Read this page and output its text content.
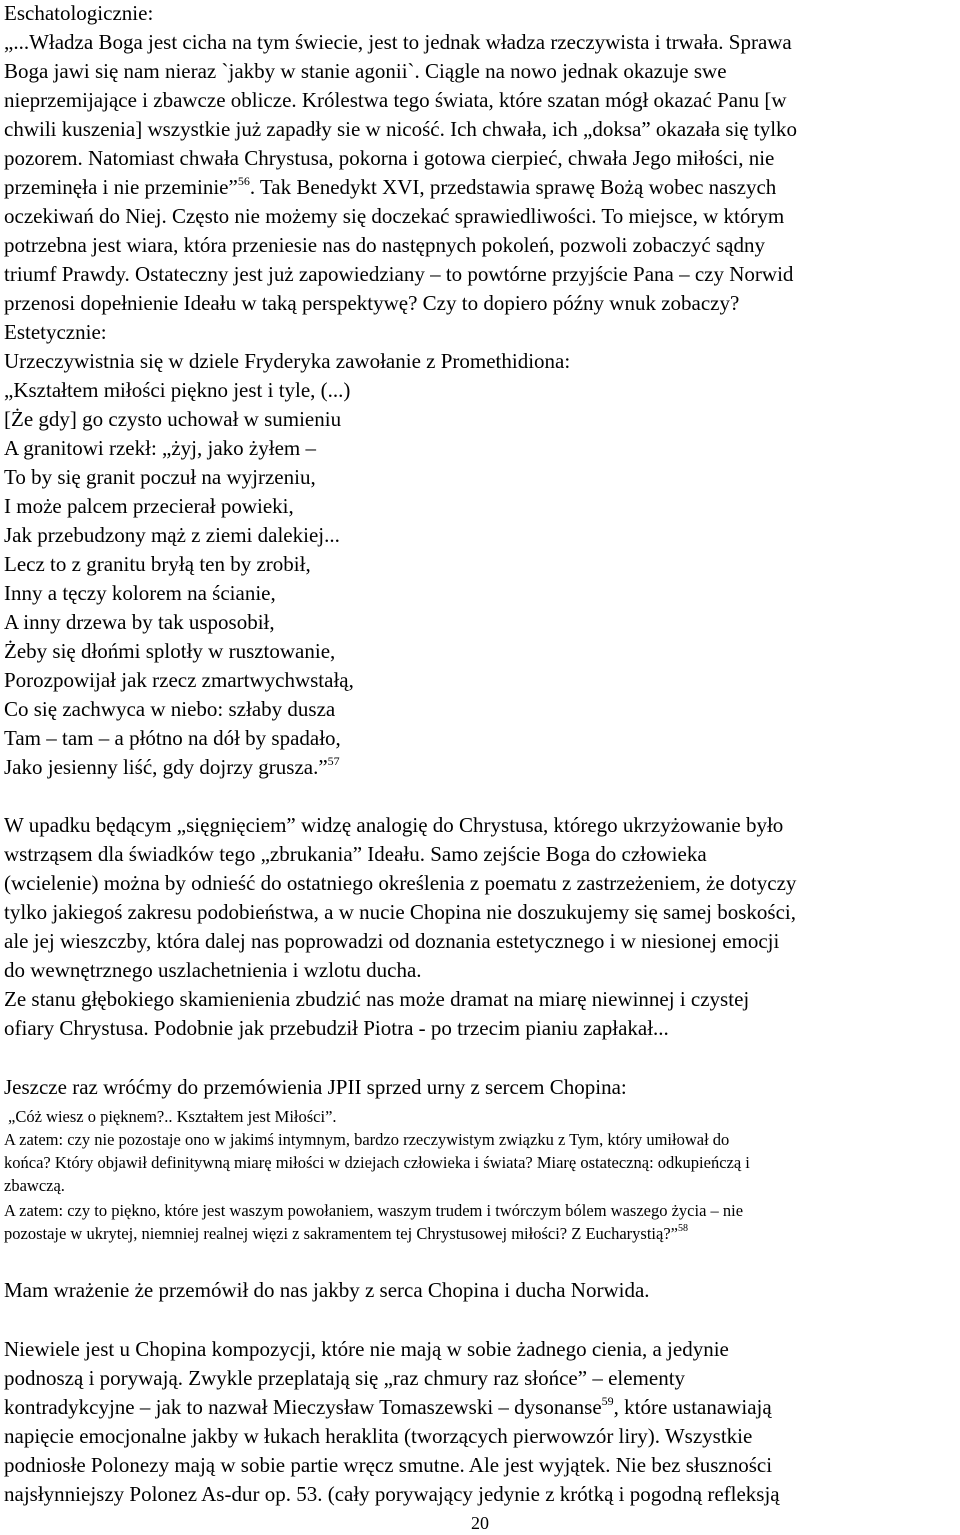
Eschatologicznie:
„...Władza Boga jest cicha na tym świecie, jest to jednak władza rzeczywista i trwała. Sprawa
Boga jawi się nam nieraz `jakby w stanie agonii`. Ciągle na nowo jednak okazuje swe
nieprzemijające i zbawcze oblicze. Królestwa tego świata, które szatan mógł okazać Panu [w
chwili kuszenia] wszystkie już zapadły sie w nicość. Ich chwała, ich „doksa” okazała się tylko
pozorem. Natomiast chwała Chrystusa, pokorna i gotowa cierpieć, chwała Jego miłości, nie
przeminęła i nie przeminie”$^{56}$. Tak Benedykt XVI, przedstawia sprawę Bożą wobec naszych
oczekiwań do Niej. Często nie możemy się doczekać sprawiedliwości. To miejsce, w którym
potrzebna jest wiara, która przeniesie nas do następnych pokoleń, pozwoli zobaczyć sądny
triumf Prawdy. Ostateczny jest już zapowiedziany – to powtórne przyjście Pana – czy Norwid
przenosi dopełnienie Ideału w taką perspektywę? Czy to dopiero późny wnuk zobaczy?
Estetycznie:
Urzeczywistnia się w dziele Fryderyka zawołanie z Promethidiona:
„Kształtem miłości piękno jest i tyle, (...)
[Że gdy] go czysto uchował w sumieniu
A granitowi rzekł: „żyj, jako żyłem –
To by się granit poczuł na wyjrzeniu,
I może palcem przecierał powieki,
Jak przebudzony mąż z ziemi dalekiej...
Lecz to z granitu bryłą ten by zrobił,
Inny a tęczy kolorem na ścianie,
A inny drzewa by tak usposobił,
Żeby się dłońmi splotły w rusztowanie,
Porozpowijał jak rzecz zmartwychwstałą,
Co się zachwyca w niebo: szłaby dusza
Tam – tam – a płótno na dół by spadało,
Jako jesienny liść, gdy dojrzy grusza.”$^{57}$
W upadku będącym „sięgnięciem” widzę analogię do Chrystusa, którego ukrzyżowanie było
wstrząsem dla świadków tego „zbrukania” Ideału. Samo zejście Boga do człowieka
(wcielenie) można by odnieść do ostatniego określenia z poematu z zastrzeżeniem, że dotyczy
tylko jakiegoś zakresu podobieństwa, a w nucie Chopina nie doszukujemy się samej boskości,
ale jej wieszczby, która dalej nas poprowadzi od doznania estetycznego i w niesionej emocji
do wewnętrznego uszlachetnienia i wzlotu ducha.
Ze stanu głębokiego skamienienia zbudzić nas może dramat na miarę niewinnej i czystej
ofiary Chrystusa. Podobnie jak przebudził Piotra - po trzecim pianiu zapłakał...
Jeszcze raz wróćmy do przemówienia JPII sprzed urny z sercem Chopina:
„Cóż wiesz o pięknem?.. Kształtem jest Miłości”.
A zatem: czy nie pozostaje ono w jakimś intymnym, bardzo rzeczywistym związku z Tym, który umiłował do
końca? Który objawił definitywną miarę miłości w dziejach człowieka i świata? Miarę ostateczną: odkupieńczą i
zbawczą.
A zatem: czy to piękno, które jest waszym powołaniem, waszym trudem i twórczym bólem waszego życia – nie
pozostaje w ukrytej, niemniej realnej więzi z sakramentem tej Chrystusowej miłości? Z Eucharystią?”$^{58}$
Mam wrażenie że przemówił do nas jakby z serca Chopina i ducha Norwida.
Niewiele jest u Chopina kompozycji, które nie mają w sobie żadnego cienia, a jedynie
podnoszą i porywają. Zwykle przeplatają się „raz chmury raz słońce” – elementy
kontradykcyjne – jak to nazwał Mieczysław Tomaszewski – dysonanse$^{59}$, które ustanawiają
napięcie emocjonalne jakby w łukach heraklita (tworzących pierwowzór liry). Wszystkie
podniosłe Polonezy mają w sobie partie wręcz smutne. Ale jest wyjątek. Nie bez słuszności
najsłynniejszy Polonez As-dur op. 53. (cały porywający jedynie z krótką i pogodną refleksją
20
